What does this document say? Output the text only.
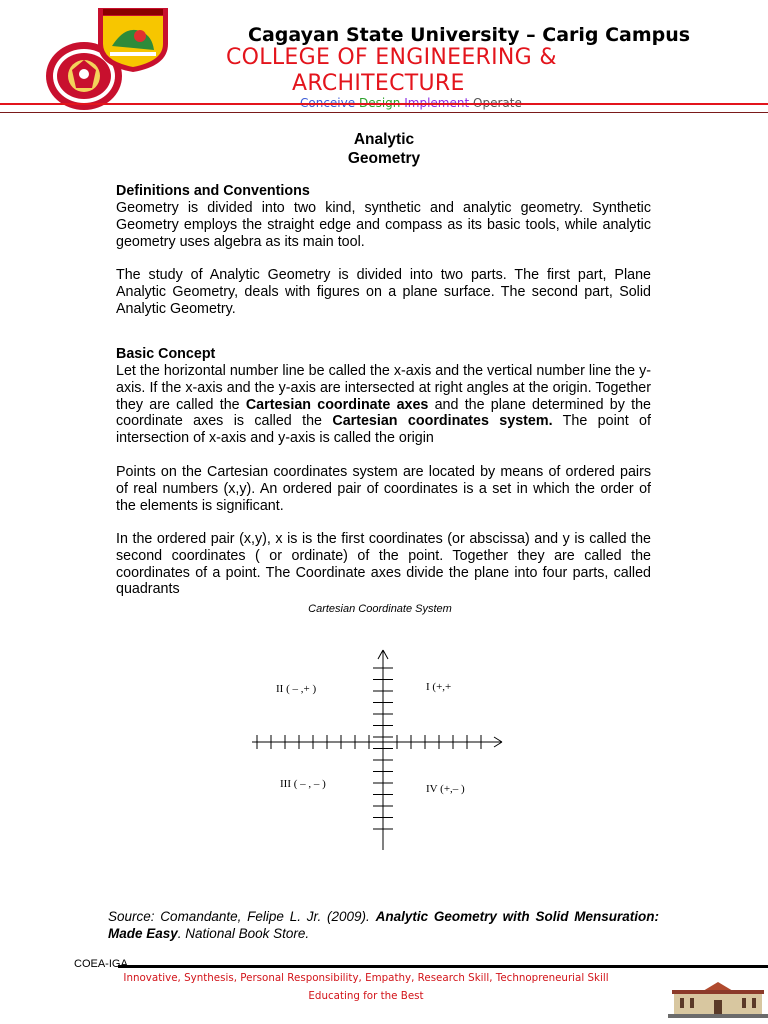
Cagayan State University – Carig Campus
COLLEGE OF ENGINEERING &
ARCHITECTURE
Conceive Design Implement Operate
Analytic
Geometry
Definitions and Conventions
Geometry is divided into two kind, synthetic and analytic geometry. Synthetic Geometry employs the straight edge and compass as its basic tools, while analytic geometry uses algebra as its main tool.
The study of Analytic Geometry is divided into two parts. The first part, Plane Analytic Geometry, deals with figures on a plane surface. The second part, Solid Analytic Geometry.
Basic Concept
Let the horizontal number line be called the x-axis and the vertical number line the y-axis. If the x-axis and the y-axis are intersected at right angles at the origin. Together they are called the Cartesian coordinate axes and the plane determined by the coordinate axes is called the Cartesian coordinates system. The point of intersection of x-axis and y-axis is called the origin
Points on the Cartesian coordinates system are located by means of ordered pairs of real numbers (x,y). An ordered pair of coordinates is a set in which the order of the elements is significant.
In the ordered pair (x,y), x is is the first coordinates (or abscissa) and y is called the second coordinates ( or ordinate) of the point. Together they are called the coordinates of a point. The Coordinate axes divide the plane into four parts, called quadrants
Cartesian Coordinate System
II ( – ,+ )	I (+,+
III ( – , – )	IV (+,– )
Source: Comandante, Felipe L. Jr. (2009). Analytic Geometry with Solid Mensuration: Made Easy. National Book Store.
COEA-IGA
Innovative, Synthesis, Personal Responsibility, Empathy, Research Skill, Technopreneurial Skill
Educating for the Best
